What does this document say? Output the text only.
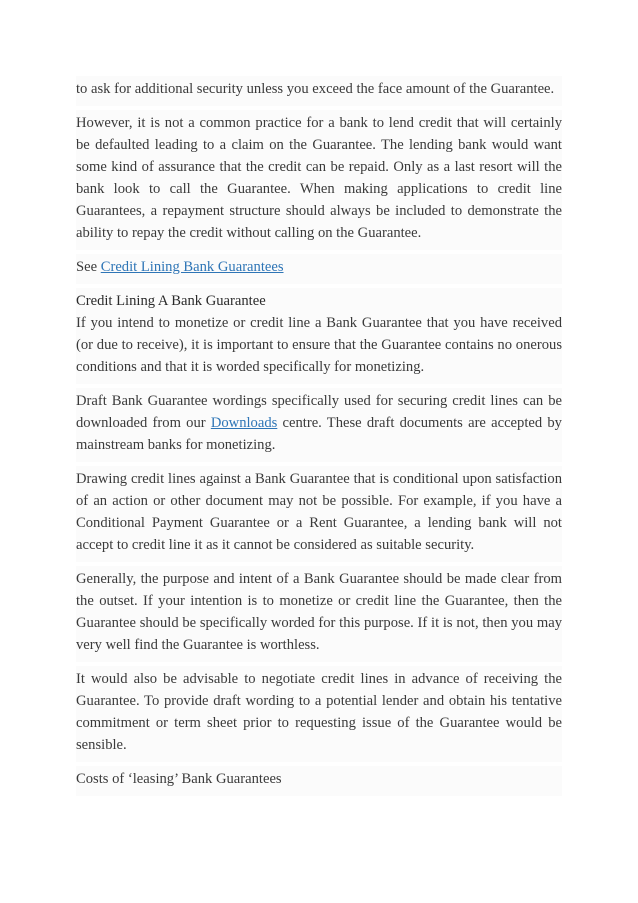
to ask for additional security unless you exceed the face amount of the Guarantee.

However, it is not a common practice for a bank to lend credit that will certainly be defaulted leading to a claim on the Guarantee. The lending bank would want some kind of assurance that the credit can be repaid. Only as a last resort will the bank look to call the Guarantee. When making applications to credit line Guarantees, a repayment structure should always be included to demonstrate the ability to repay the credit without calling on the Guarantee.

See Credit Lining Bank Guarantees

Credit Lining A Bank Guarantee

If you intend to monetize or credit line a Bank Guarantee that you have received (or due to receive), it is important to ensure that the Guarantee contains no onerous conditions and that it is worded specifically for monetizing.

Draft Bank Guarantee wordings specifically used for securing credit lines can be downloaded from our Downloads centre. These draft documents are accepted by mainstream banks for monetizing.

Drawing credit lines against a Bank Guarantee that is conditional upon satisfaction of an action or other document may not be possible. For example, if you have a Conditional Payment Guarantee or a Rent Guarantee, a lending bank will not accept to credit line it as it cannot be considered as suitable security.

Generally, the purpose and intent of a Bank Guarantee should be made clear from the outset. If your intention is to monetize or credit line the Guarantee, then the Guarantee should be specifically worded for this purpose. If it is not, then you may very well find the Guarantee is worthless.

It would also be advisable to negotiate credit lines in advance of receiving the Guarantee. To provide draft wording to a potential lender and obtain his tentative commitment or term sheet prior to requesting issue of the Guarantee would be sensible.

Costs of ‘leasing’ Bank Guarantees
